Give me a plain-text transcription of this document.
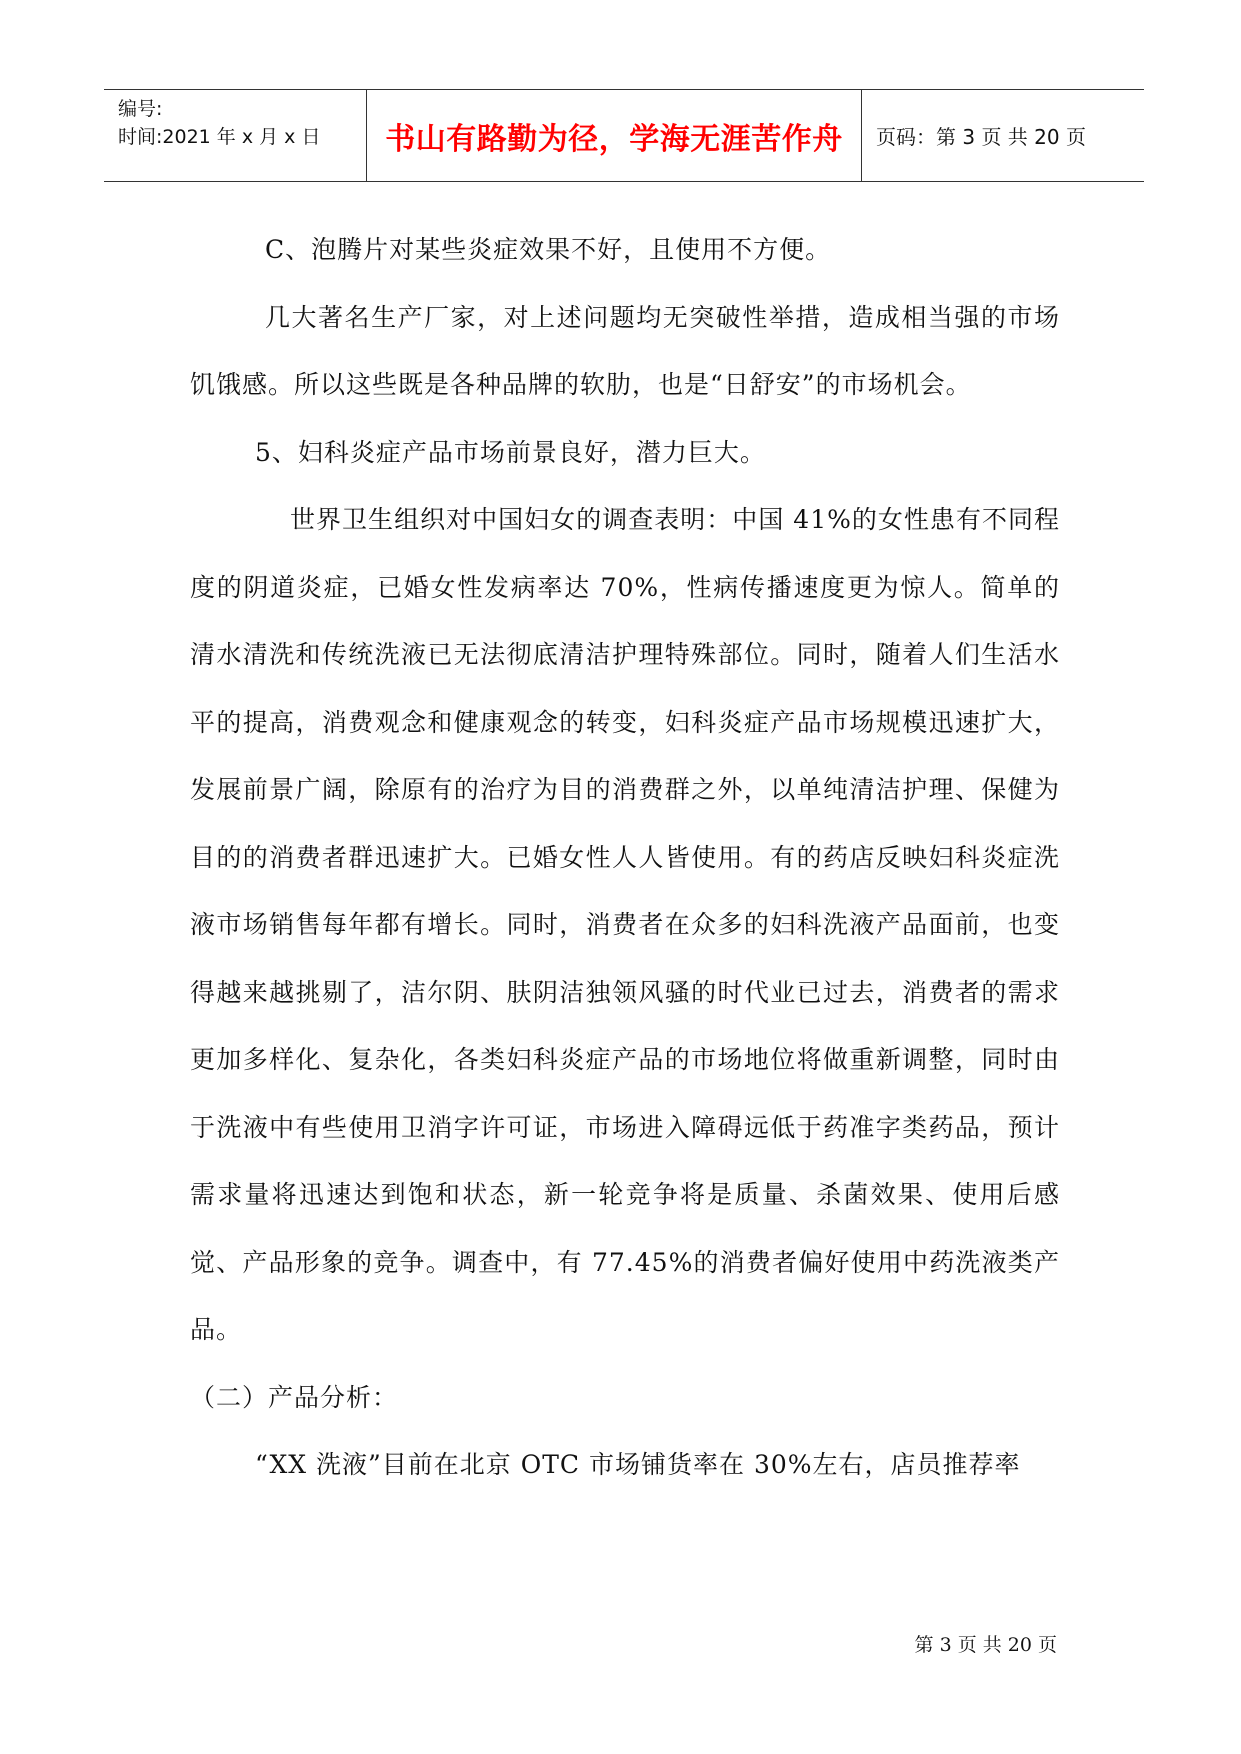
编号:
时间:2021 年 x 月 x 日 书山有路勤为径，学海无涯苦作舟 页码：第 3 页 共 20 页

C、泡腾片对某些炎症效果不好，且使用不方便。

几大著名生产厂家，对上述问题均无突破性举措，造成相当强的市场饥饿感。所以这些既是各种品牌的软肋，也是“日舒安”的市场机会。

5、妇科炎症产品市场前景良好，潜力巨大。

世界卫生组织对中国妇女的调查表明：中国 41%的女性患有不同程度的阴道炎症，已婚女性发病率达 70%，性病传播速度更为惊人。简单的清水清洗和传统洗液已无法彻底清洁护理特殊部位。同时，随着人们生活水平的提高，消费观念和健康观念的转变，妇科炎症产品市场规模迅速扩大，发展前景广阔，除原有的治疗为目的消费群之外，以单纯清洁护理、保健为目的的消费者群迅速扩大。已婚女性人人皆使用。有的药店反映妇科炎症洗液市场销售每年都有增长。同时，消费者在众多的妇科洗液产品面前，也变得越来越挑剔了，洁尔阴、肤阴洁独领风骚的时代业已过去，消费者的需求更加多样化、复杂化，各类妇科炎症产品的市场地位将做重新调整，同时由于洗液中有些使用卫消字许可证，市场进入障碍远低于药准字类药品，预计需求量将迅速达到饱和状态，新一轮竞争将是质量、杀菌效果、使用后感觉、产品形象的竞争。调查中，有 77.45%的消费者偏好使用中药洗液类产品。

（二）产品分析：

“XX 洗液”目前在北京 OTC 市场铺货率在 30%左右，店员推荐率

第 3 页 共 20 页
